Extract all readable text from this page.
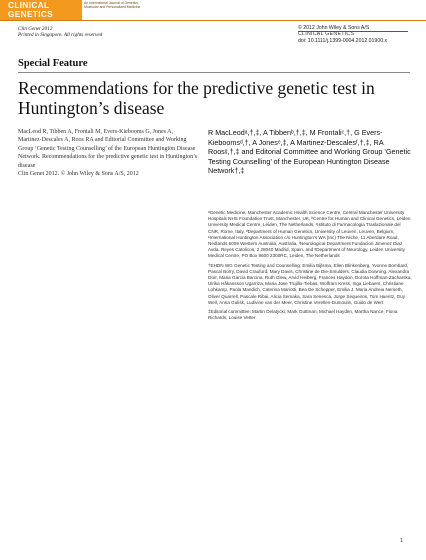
CLINICAL
GENETICS
An International Journal of Genetics, Molecular and Personalized Medicine
Clin Genet 2012
Printed in Singapore. All rights reserved
© 2012 John Wiley & Sons A/S
CLINICAL GENETICS
doi: 10.1111/j.1399-0004.2012.01900.x
Special Feature
Recommendations for the predictive genetic test in Huntington’s disease

MacLeod R, Tibben A, Frontali M, Evers-Kiebooms G, Jones A, Martinez-Descales A, Roos RA and Editorial Committee and Working Group ‘Genetic Testing Counselling’ of the European Huntington Disease Network. Recommendations for the predictive genetic test in Huntington’s disease

Clin Genet 2012. © John Wiley & Sons A/S, 2012

R MacLeodᵃ,†,‡, A Tibbenᵇ,†,‡, M Frontaliᶜ,†, G Evers-Kieboomsᵈ,†, A Jonesᵉ,‡, A Martinez-Descalesᶠ,†,‡, RA Roosᵍ,†,‡ and Editorial Committee and Working Group ‘Genetic Testing Counselling’ of the European Huntington Disease Network†,‡

ᵃGenetic Medicine, Manchester Academic Health Science Centre, Central Manchester University Hospitals NHS Foundation Trust, Manchester, UK, ᵇCentre for Human and Clinical Genetics, Leiden University Medical Centre, Leiden, The Netherlands, ᶜIstituto di Farmacologia Traslazionale del CNR, Rome, Italy, ᵈDepartment of Human Genetics, University of Leuven, Leuven, Belgium, ᵉInternational Huntington Association c/o Huntington’s WA (Inc) The Niche, 11 Aberdare Road, Nedlands 6009 Western Australia, Australia, ᶠNeurological Department Fundacion Jimenez Diaz Avda. Reyes Catolicos, 2 28040 Madrid, Spain, and ᵍDepartment of Neurology, Leiden University Medical Centre, PO Box 9600 2300RC, Leiden, The Netherlands

†EHDN WG Genetic Testing and Counselling: Emilia Bijlsma, Ellen Blinkenberg, Yvonne Bombard, Pascal Borry, David Craufurd, Mary Davis, Christine de Die-Smulders, Claudia Downing, Alexandra Dürr, Maria Garcia Barcina, Ruth Glew, Arvid Heiberg, Frances Haydon, Dorota Hoffman-Zacharska, Ulrika Håkansson Ugarriza, Maria Jose Trujillo-Tiebas, Wolfram Kress, Inga Liebaers, Christiane Lohkamp, Paola Mandich, Caterina Mariotti, Bea De Schepper, Emilia J. Maria Andreia Nemeth, Oliver Quarrell, Pascale Ribai, Alicia Semaka, Sara Senesca, Jorge Sequeiros, Tom Huentz, Guy Weil, Anna Gulisk, Ludivine van der Meer, Christine Verellen-Dumoulin, Guido de Wert

‡Editorial committee: Martin Delatycki, Mark Guttman, Michael Hayden, Martha Nance, Fiona Richards, Louise Vetter

1
